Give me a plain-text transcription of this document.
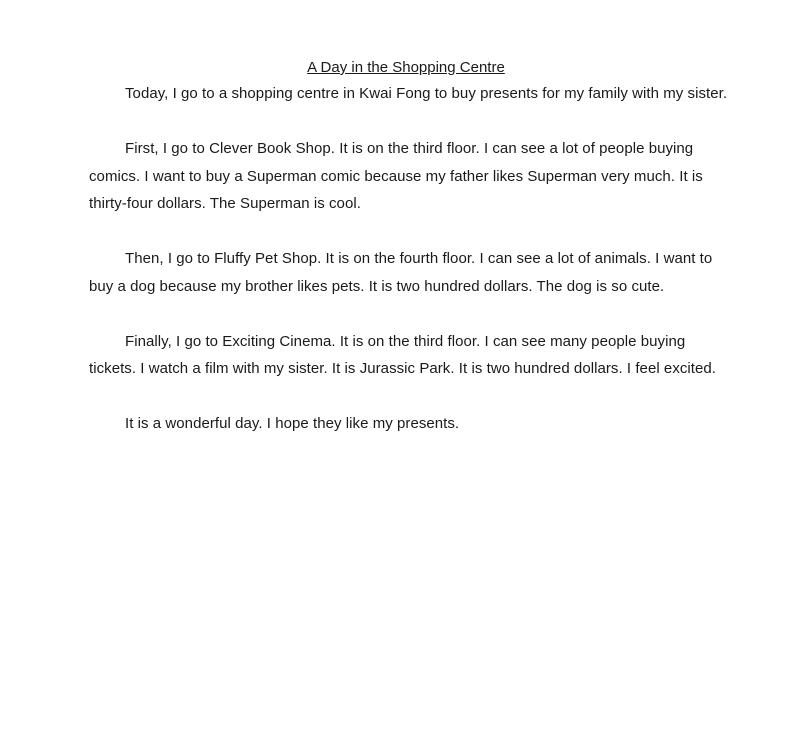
A Day in the Shopping Centre

Today, I go to a shopping centre in Kwai Fong to buy presents for my family with my sister.

First, I go to Clever Book Shop. It is on the third floor. I can see a lot of people buying comics. I want to buy a Superman comic because my father likes Superman very much. It is thirty-four dollars. The Superman is cool.

Then, I go to Fluffy Pet Shop. It is on the fourth floor. I can see a lot of animals. I want to buy a dog because my brother likes pets. It is two hundred dollars. The dog is so cute.

Finally, I go to Exciting Cinema. It is on the third floor. I can see many people buying tickets. I watch a film with my sister. It is Jurassic Park. It is two hundred dollars. I feel excited.

It is a wonderful day. I hope they like my presents.
